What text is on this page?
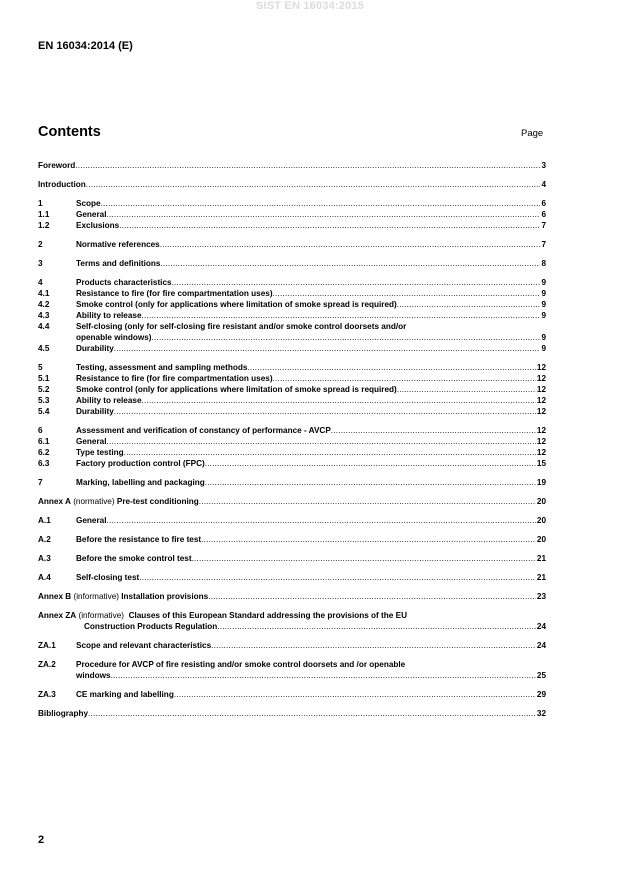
SIST EN 16034:2015
EN 16034:2014 (E)
Contents	Page
Foreword .....	3
Introduction .....	4
1	Scope .....	6
1.1	General .....	6
1.2	Exclusions .....	7
2	Normative references .....	7
3	Terms and definitions .....	8
4	Products characteristics .....	9
4.1	Resistance to fire (for fire compartmentation uses) .....	9
4.2	Smoke control (only for applications where limitation of smoke spread is required) .....	9
4.3	Ability to release .....	9
4.4	Self-closing (only for self-closing fire resistant and/or smoke control doorsets and/or
openable windows) .....	9
4.5	Durability .....	9
5	Testing, assessment and sampling methods .....	12
5.1	Resistance to fire (for fire compartmentation uses) .....	12
5.2	Smoke control (only for applications where limitation of smoke spread is required) .....	12
5.3	Ability to release .....	12
5.4	Durability .....	12
6	Assessment and verification of constancy of performance - AVCP .....	12
6.1	General .....	12
6.2	Type testing .....	12
6.3	Factory production control (FPC) .....	15
7	Marking, labelling and packaging .....	19
Annex A (normative) Pre-test conditioning .....	20
A.1	General .....	20
A.2	Before the resistance to fire test .....	20
A.3	Before the smoke control test .....	21
A.4	Self-closing test .....	21
Annex B (informative) Installation provisions .....	23
Annex ZA
(informative)
Clauses of this European Standard addressing the provisions of the EU
Construction Products Regulation .....	24
ZA.1	Scope and relevant characteristics .....	24
ZA.2	Procedure for AVCP of fire resisting and/or smoke control doorsets and /or openable
windows .....	25
ZA.3	CE marking and labelling .....	29
Bibliography .....	32
2
